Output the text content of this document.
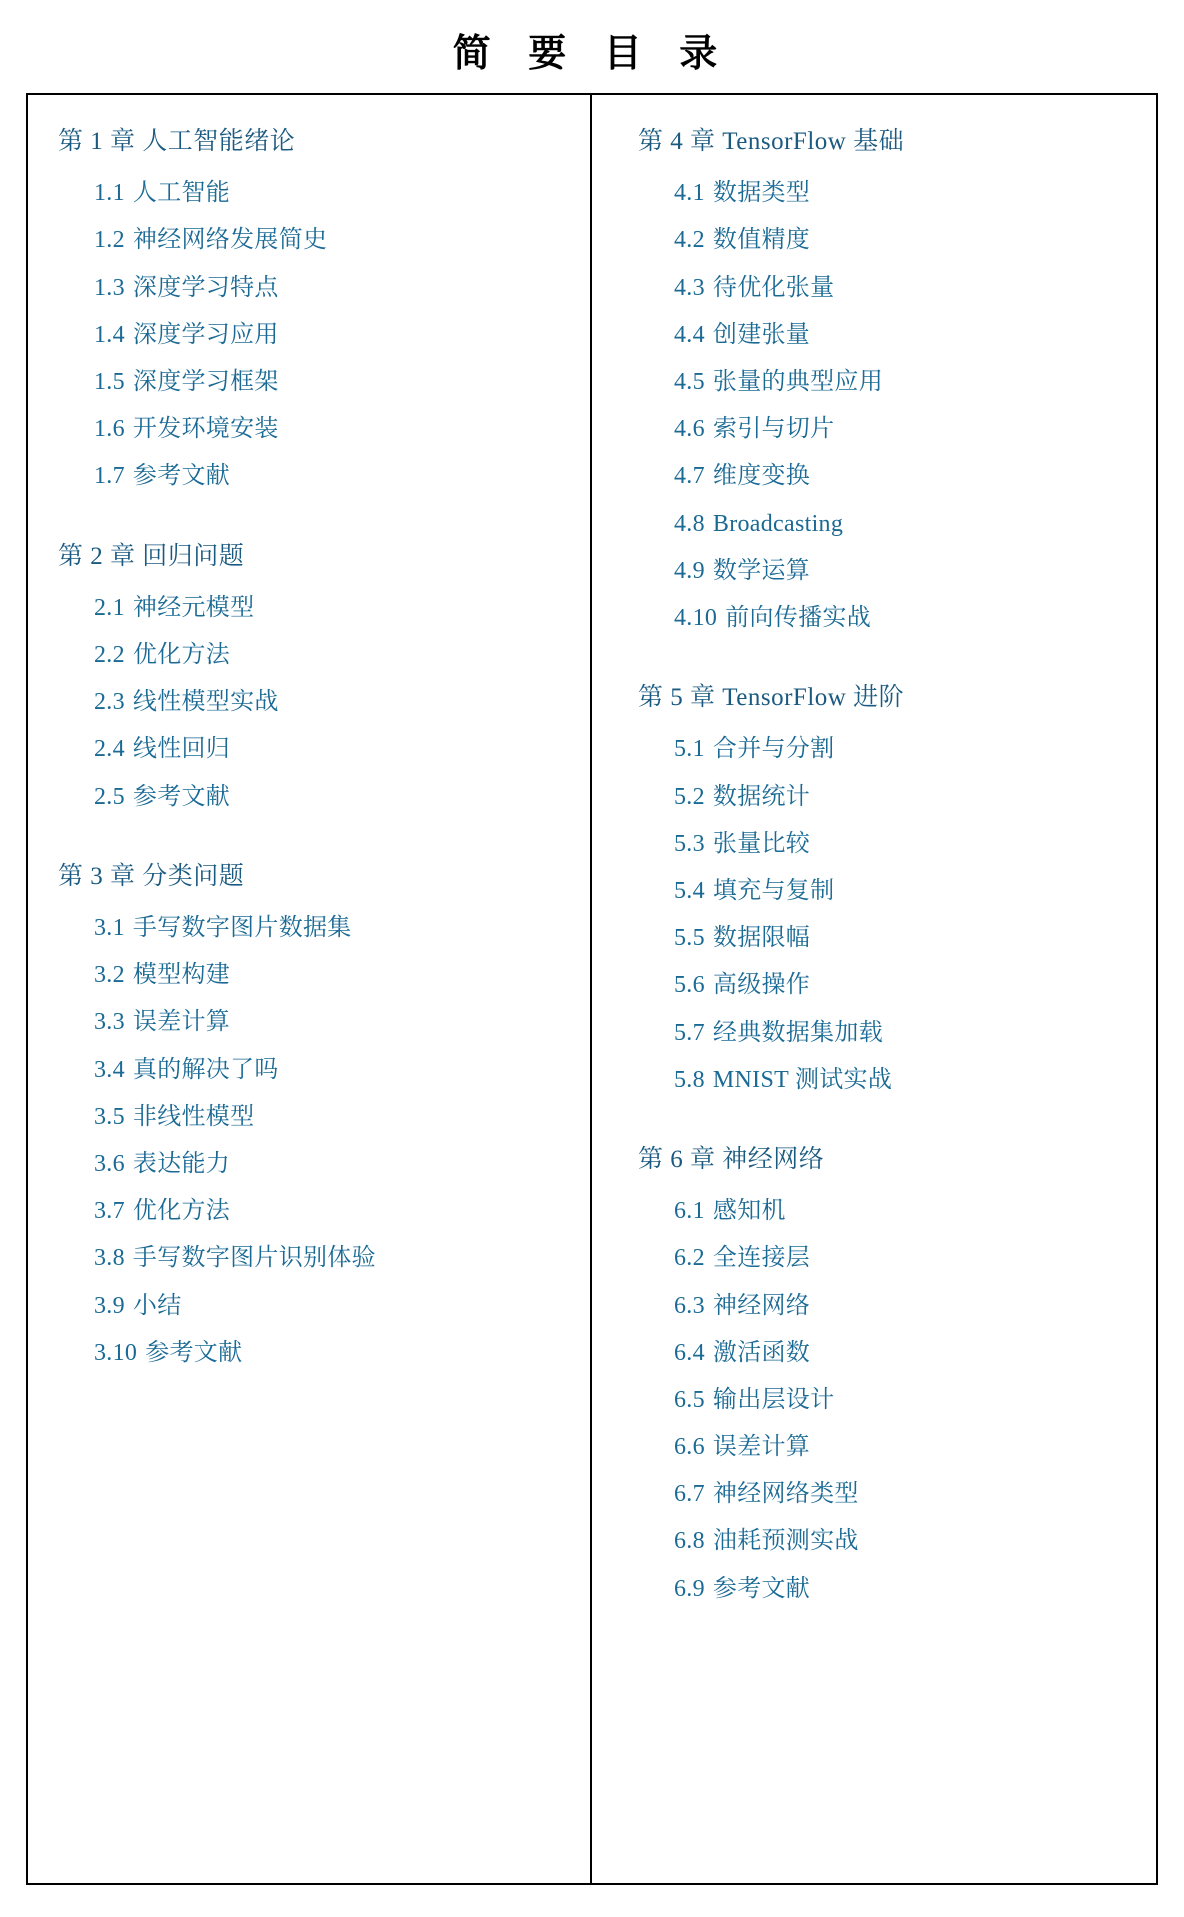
简 要 目 录
第 1 章 人工智能绪论
1.1 人工智能
1.2 神经网络发展简史
1.3 深度学习特点
1.4 深度学习应用
1.5 深度学习框架
1.6 开发环境安装
1.7 参考文献
第 2 章 回归问题
2.1 神经元模型
2.2 优化方法
2.3 线性模型实战
2.4 线性回归
2.5 参考文献
第 3 章 分类问题
3.1 手写数字图片数据集
3.2 模型构建
3.3 误差计算
3.4 真的解决了吗
3.5 非线性模型
3.6 表达能力
3.7 优化方法
3.8 手写数字图片识别体验
3.9 小结
3.10 参考文献
第 4 章 TensorFlow 基础
4.1 数据类型
4.2 数值精度
4.3 待优化张量
4.4 创建张量
4.5 张量的典型应用
4.6 索引与切片
4.7 维度变换
4.8 Broadcasting
4.9 数学运算
4.10 前向传播实战
第 5 章 TensorFlow 进阶
5.1 合并与分割
5.2 数据统计
5.3 张量比较
5.4 填充与复制
5.5 数据限幅
5.6 高级操作
5.7 经典数据集加载
5.8 MNIST 测试实战
第 6 章 神经网络
6.1 感知机
6.2 全连接层
6.3 神经网络
6.4 激活函数
6.5 输出层设计
6.6 误差计算
6.7 神经网络类型
6.8 油耗预测实战
6.9 参考文献
